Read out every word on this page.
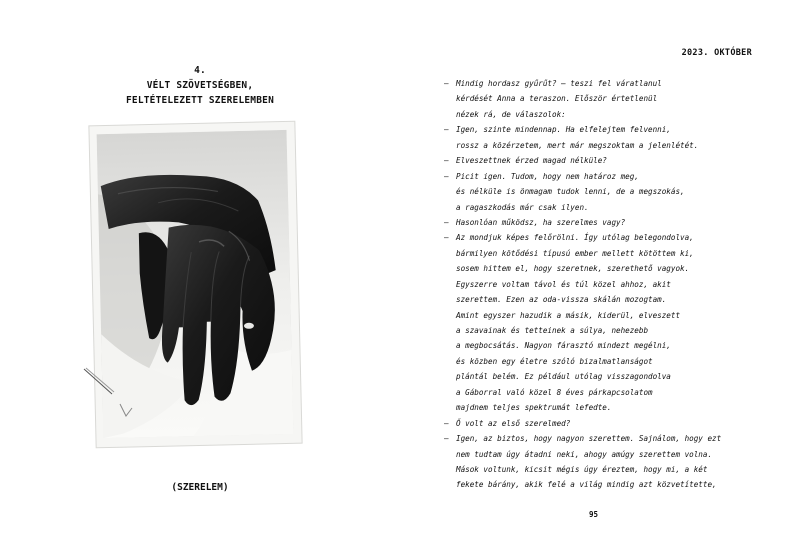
4.
VÉLT SZÖVETSÉGBEN,
FELTÉTELEZETT SZERELEMBEN
(SZERELEM)
2023. OKTÓBER
– Mindig hordasz gyűrűt? – teszi fel váratlanul
kérdését Anna a teraszon. Először értetlenül
nézek rá, de válaszolok:
– Igen, szinte mindennap. Ha elfelejtem felvenni,
rossz a közérzetem, mert már megszoktam a jelenlétét.
– Elveszettnek érzed magad nélküle?
– Picit igen. Tudom, hogy nem határoz meg,
és nélküle is önmagam tudok lenni, de a megszokás,
a ragaszkodás már csak ilyen.
– Hasonlóan működsz, ha szerelmes vagy?
– Az mondjuk képes felőrölni. Így utólag belegondolva,
bármilyen kötődési típusú ember mellett kötöttem ki,
sosem hittem el, hogy szeretnek, szerethető vagyok.
Egyszerre voltam távol és túl közel ahhoz, akit
szerettem. Ezen az oda-vissza skálán mozogtam.
Amint egyszer hazudik a másik, kiderül, elveszett
a szavainak és tetteinek a súlya, nehezebb
a megbocsátás. Nagyon fárasztó mindezt megélni,
és közben egy életre szóló bizalmatlanságot
plántál belém. Ez például utólag visszagondolva
a Gáborral való közel 8 éves párkapcsolatom
majdnem teljes spektrumát lefedte.
– Ő volt az első szerelmed?
– Igen, az biztos, hogy nagyon szerettem. Sajnálom, hogy ezt
nem tudtam úgy átadni neki, ahogy amúgy szerettem volna.
Mások voltunk, kicsit mégis úgy éreztem, hogy mi, a két
fekete bárány, akik felé a világ mindig azt közvetítette,
95
